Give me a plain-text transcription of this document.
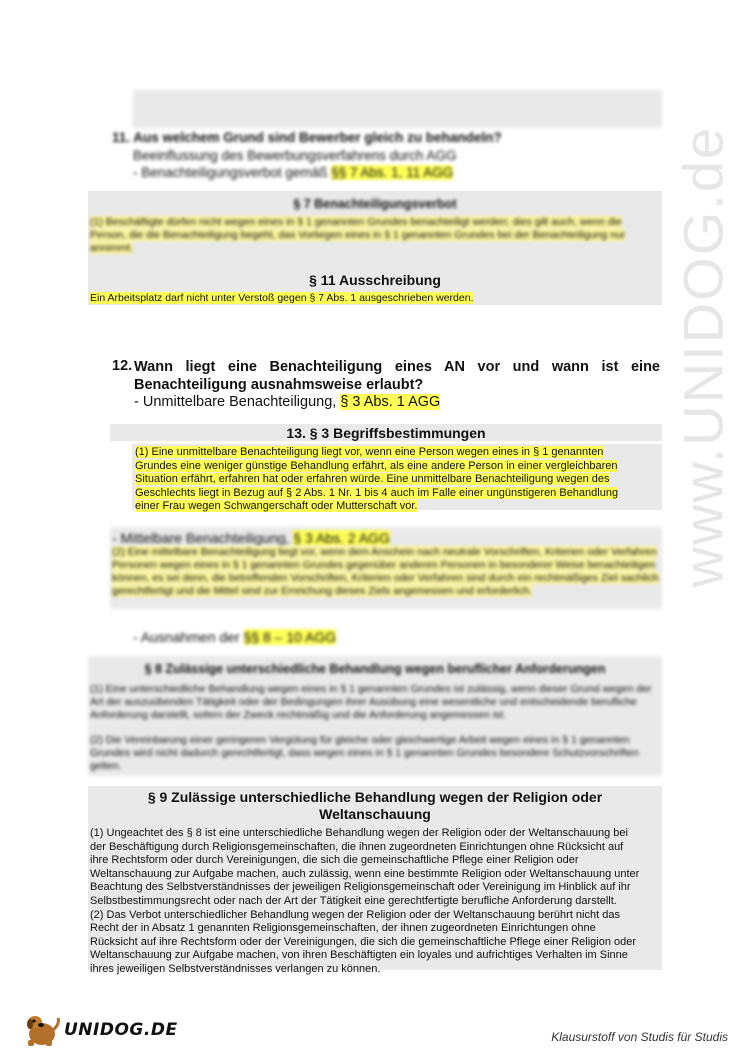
www.UNIDOG.de
11. Aus welchem Grund sind Bewerber gleich zu behandeln?
Beeinflussung des Bewerbungsverfahrens durch AGG
- Benachteiligungsverbot gemäß §§ 7 Abs. 1, 11 AGG
§ 7 Benachteiligungsverbot
(1) Beschäftigte dürfen nicht wegen eines in § 1 genannten Grundes benachteiligt werden; dies gilt auch, wenn die Person, die die Benachteiligung begeht, das Vorliegen eines in § 1 genannten Grundes bei der Benachteiligung nur annimmt.
§ 11 Ausschreibung
Ein Arbeitsplatz darf nicht unter Verstoß gegen § 7 Abs. 1 ausgeschrieben werden.
12. Wann liegt eine Benachteiligung eines AN vor und wann ist eine
Benachteiligung ausnahmsweise erlaubt?
- Unmittelbare Benachteiligung, § 3 Abs. 1 AGG
13. § 3 Begriffsbestimmungen
(1) Eine unmittelbare Benachteiligung liegt vor, wenn eine Person wegen eines in § 1 genannten
Grundes eine weniger günstige Behandlung erfährt, als eine andere Person in einer vergleichbaren
Situation erfährt, erfahren hat oder erfahren würde. Eine unmittelbare Benachteiligung wegen des
Geschlechts liegt in Bezug auf § 2 Abs. 1 Nr. 1 bis 4 auch im Falle einer ungünstigeren Behandlung
einer Frau wegen Schwangerschaft oder Mutterschaft vor.
- Mittelbare Benachteiligung, § 3 Abs. 2 AGG
(2) Eine mittelbare Benachteiligung liegt vor, wenn dem Anschein nach neutrale Vorschriften, Kriterien oder Verfahren Personen wegen eines in § 1 genannten Grundes gegenüber anderen Personen in besonderer Weise benachteiligen können, es sei denn, die betreffenden Vorschriften, Kriterien oder Verfahren sind durch ein rechtmäßiges Ziel sachlich gerechtfertigt und die Mittel sind zur Erreichung dieses Ziels angemessen und erforderlich.
- Ausnahmen der §§ 8 – 10 AGG
§ 8 Zulässige unterschiedliche Behandlung wegen beruflicher Anforderungen
(1) Eine unterschiedliche Behandlung wegen eines in § 1 genannten Grundes ist zulässig, wenn dieser Grund wegen der Art der auszuübenden Tätigkeit oder der Bedingungen ihrer Ausübung eine wesentliche und entscheidende berufliche Anforderung darstellt, sofern der Zweck rechtmäßig und die Anforderung angemessen ist.
(2) Die Vereinbarung einer geringeren Vergütung für gleiche oder gleichwertige Arbeit wegen eines in § 1 genannten Grundes wird nicht dadurch gerechtfertigt, dass wegen eines in § 1 genannten Grundes besondere Schutzvorschriften gelten.
§ 9 Zulässige unterschiedliche Behandlung wegen der Religion oder
Weltanschauung
(1) Ungeachtet des § 8 ist eine unterschiedliche Behandlung wegen der Religion oder der Weltanschauung bei
der Beschäftigung durch Religionsgemeinschaften, die ihnen zugeordneten Einrichtungen ohne Rücksicht auf
ihre Rechtsform oder durch Vereinigungen, die sich die gemeinschaftliche Pflege einer Religion oder
Weltanschauung zur Aufgabe machen, auch zulässig, wenn eine bestimmte Religion oder Weltanschauung unter
Beachtung des Selbstverständnisses der jeweiligen Religionsgemeinschaft oder Vereinigung im Hinblick auf ihr
Selbstbestimmungsrecht oder nach der Art der Tätigkeit eine gerechtfertigte berufliche Anforderung darstellt.
(2) Das Verbot unterschiedlicher Behandlung wegen der Religion oder der Weltanschauung berührt nicht das
Recht der in Absatz 1 genannten Religionsgemeinschaften, der ihnen zugeordneten Einrichtungen ohne
Rücksicht auf ihre Rechtsform oder der Vereinigungen, die sich die gemeinschaftliche Pflege einer Religion oder
Weltanschauung zur Aufgabe machen, von ihren Beschäftigten ein loyales und aufrichtiges Verhalten im Sinne
ihres jeweiligen Selbstverständnisses verlangen zu können.
UNIDOG.DE	Klausurstoff von Studis für Studis
